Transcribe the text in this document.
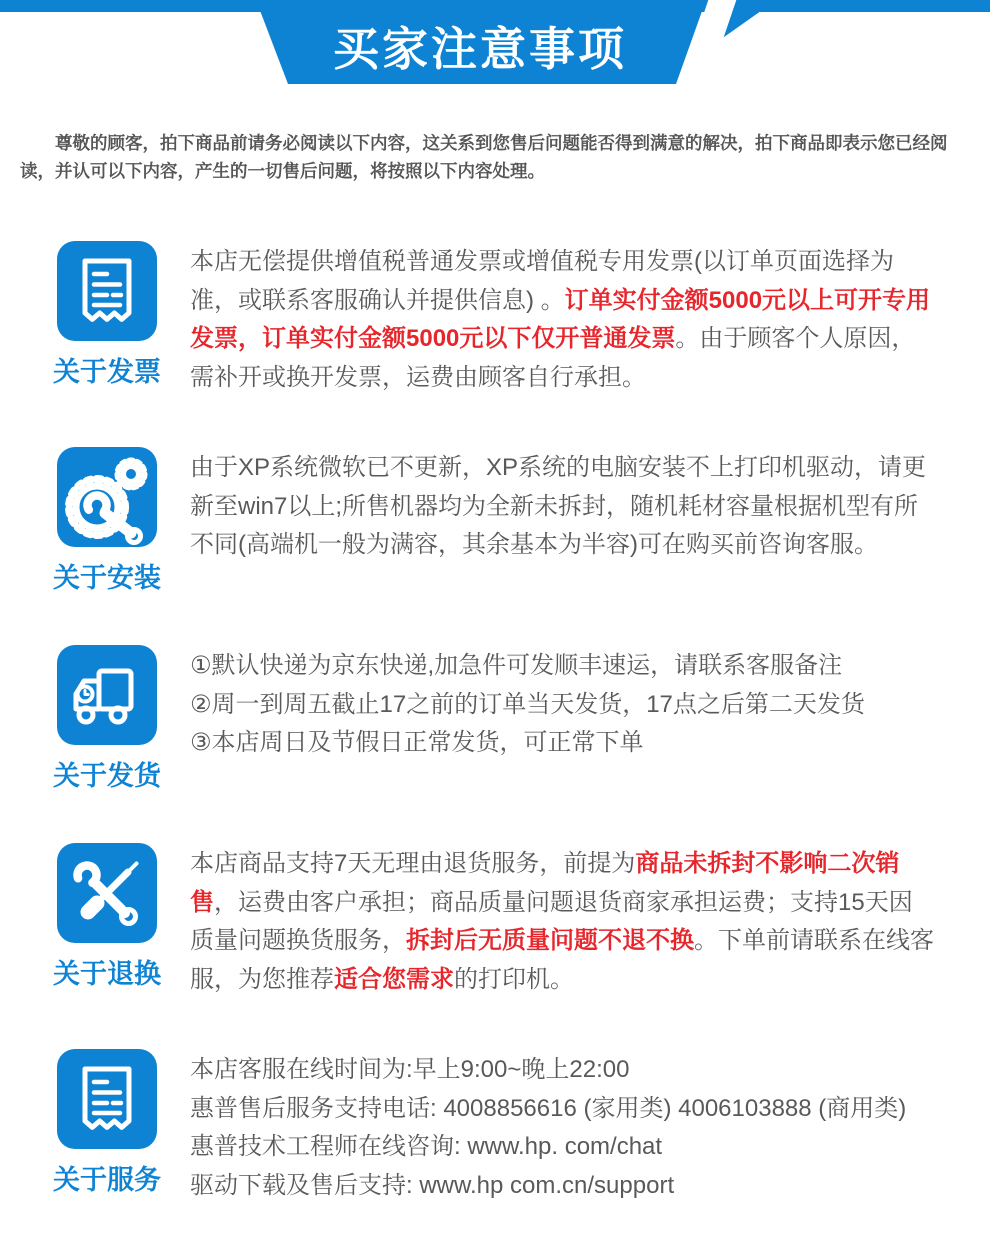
买家注意事项

尊敬的顾客，拍下商品前请务必阅读以下内容，这关系到您售后问题能否得到满意的解决，拍下商品即表示您已经阅读，并认可以下内容，产生的一切售后问题，将按照以下内容处理。

关于发票
本店无偿提供增值税普通发票或增值税专用发票(以订单页面选择为准，或联系客服确认并提供信息) 。订单实付金额5000元以上可开专用发票，订单实付金额5000元以下仅开普通发票。由于顾客个人原因，需补开或换开发票，运费由顾客自行承担。
关于安装
由于XP系统微软已不更新，XP系统的电脑安装不上打印机驱动，请更新至win7以上;所售机器均为全新未拆封，随机耗材容量根据机型有所不同(高端机一般为满容，其余基本为半容)可在购买前咨询客服。
关于发货
①默认快递为京东快递,加急件可发顺丰速运，请联系客服备注
②周一到周五截止17之前的订单当天发货，17点之后第二天发货
③本店周日及节假日正常发货，可正常下单
关于退换
本店商品支持7天无理由退货服务，前提为商品未拆封不影响二次销售，运费由客户承担；商品质量问题退货商家承担运费；支持15天因质量问题换货服务，拆封后无质量问题不退不换。下单前请联系在线客服，为您推荐适合您需求的打印机。
关于服务
本店客服在线时间为:早上9:00~晚上22:00
惠普售后服务支持电话: 4008856616 (家用类) 4006103888 (商用类)
惠普技术工程师在线咨询: www.hp. com/chat
驱动下载及售后支持: www.hp com.cn/support
